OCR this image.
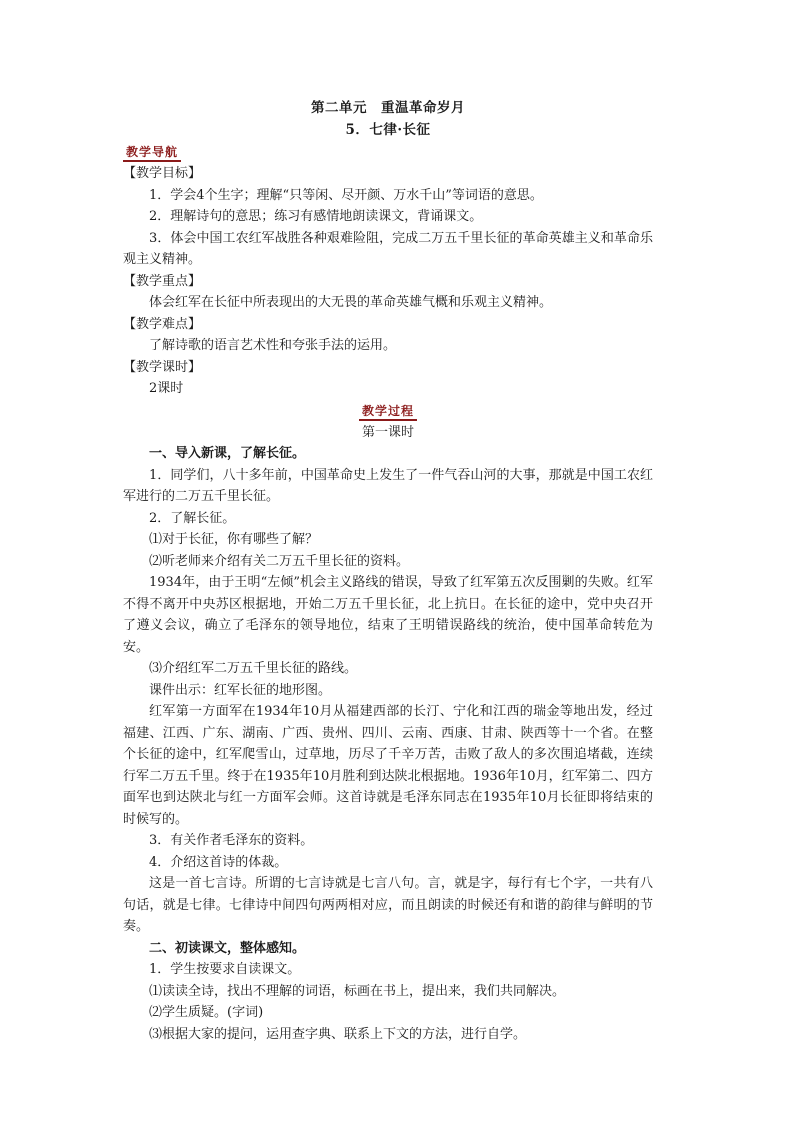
第二单元　重温革命岁月
5．七律·长征
教学导航
【教学目标】
1．学会4个生字；理解“只等闲、尽开颜、万水千山”等词语的意思。
2．理解诗句的意思；练习有感情地朗读课文，背诵课文。
3．体会中国工农红军战胜各种艰难险阻，完成二万五千里长征的革命英雄主义和革命乐观主义精神。
【教学重点】
体会红军在长征中所表现出的大无畏的革命英雄气概和乐观主义精神。
【教学难点】
了解诗歌的语言艺术性和夸张手法的运用。
【教学课时】
2课时
教学过程
第一课时
一、导入新课，了解长征。
1．同学们，八十多年前，中国革命史上发生了一件气吞山河的大事，那就是中国工农红军进行的二万五千里长征。
2．了解长征。
⑴对于长征，你有哪些了解？
⑵听老师来介绍有关二万五千里长征的资料。
1934年，由于王明“左倾”机会主义路线的错误，导致了红军第五次反围剿的失败。红军不得不离开中央苏区根据地，开始二万五千里长征，北上抗日。在长征的途中，党中央召开了遵义会议，确立了毛泽东的领导地位，结束了王明错误路线的统治，使中国革命转危为安。
⑶介绍红军二万五千里长征的路线。
课件出示：红军长征的地形图。
红军第一方面军在1934年10月从福建西部的长汀、宁化和江西的瑞金等地出发，经过福建、江西、广东、湖南、广西、贵州、四川、云南、西康、甘肃、陕西等十一个省。在整个长征的途中，红军爬雪山，过草地，历尽了千辛万苦，击败了敌人的多次围追堵截，连续行军二万五千里。终于在1935年10月胜利到达陕北根据地。1936年10月，红军第二、四方面军也到达陕北与红一方面军会师。这首诗就是毛泽东同志在1935年10月长征即将结束的时候写的。
3．有关作者毛泽东的资料。
4．介绍这首诗的体裁。
这是一首七言诗。所谓的七言诗就是七言八句。言，就是字，每行有七个字，一共有八句话，就是七律。七律诗中间四句两两相对应，而且朗读的时候还有和谐的韵律与鲜明的节奏。
二、初读课文，整体感知。
1．学生按要求自读课文。
⑴读读全诗，找出不理解的词语，标画在书上，提出来，我们共同解决。
⑵学生质疑。(字词)
⑶根据大家的提问，运用查字典、联系上下文的方法，进行自学。
